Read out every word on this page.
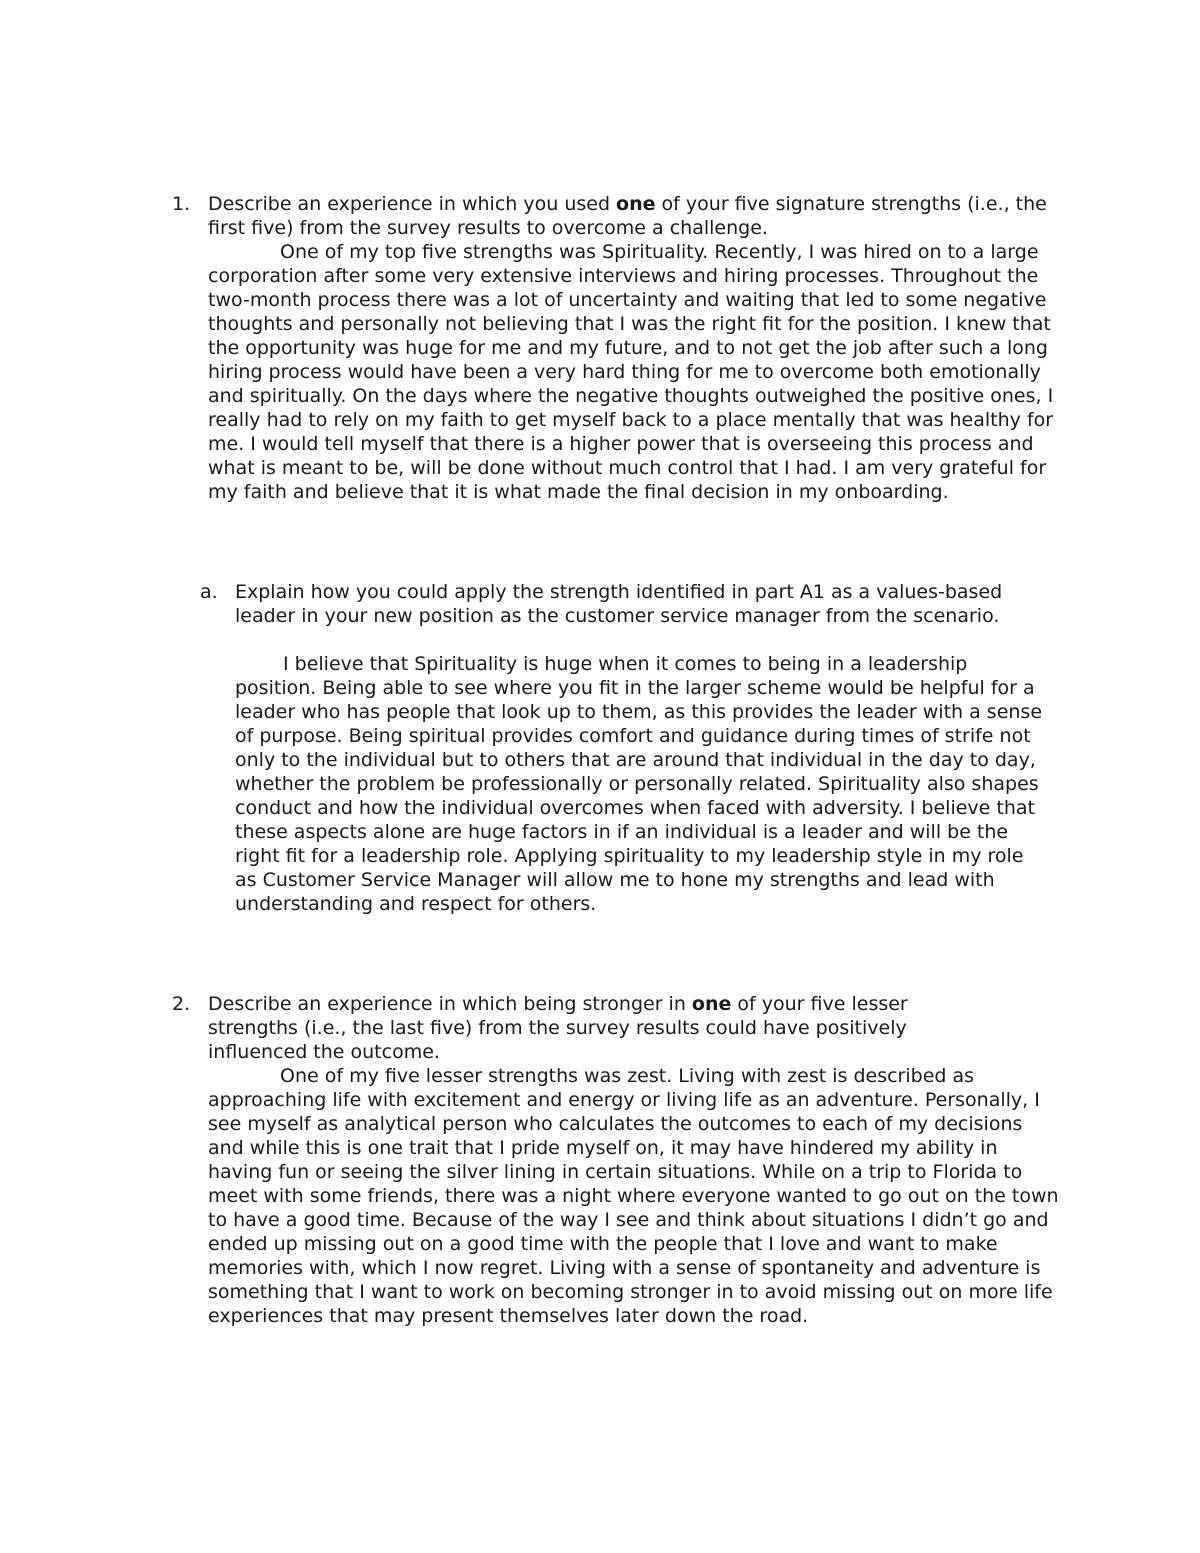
1. Describe an experience in which you used one of your five signature strengths (i.e., the first five) from the survey results to overcome a challenge.

One of my top five strengths was Spirituality. Recently, I was hired on to a large corporation after some very extensive interviews and hiring processes. Throughout the two-month process there was a lot of uncertainty and waiting that led to some negative thoughts and personally not believing that I was the right fit for the position. I knew that the opportunity was huge for me and my future, and to not get the job after such a long hiring process would have been a very hard thing for me to overcome both emotionally and spiritually. On the days where the negative thoughts outweighed the positive ones, I really had to rely on my faith to get myself back to a place mentally that was healthy for me. I would tell myself that there is a higher power that is overseeing this process and what is meant to be, will be done without much control that I had. I am very grateful for my faith and believe that it is what made the final decision in my onboarding.

a. Explain how you could apply the strength identified in part A1 as a values-based leader in your new position as the customer service manager from the scenario.

I believe that Spirituality is huge when it comes to being in a leadership position. Being able to see where you fit in the larger scheme would be helpful for a leader who has people that look up to them, as this provides the leader with a sense of purpose. Being spiritual provides comfort and guidance during times of strife not only to the individual but to others that are around that individual in the day to day, whether the problem be professionally or personally related. Spirituality also shapes conduct and how the individual overcomes when faced with adversity. I believe that these aspects alone are huge factors in if an individual is a leader and will be the right fit for a leadership role. Applying spirituality to my leadership style in my role as Customer Service Manager will allow me to hone my strengths and lead with understanding and respect for others.

2. Describe an experience in which being stronger in one of your five lesser strengths (i.e., the last five) from the survey results could have positively influenced the outcome.

One of my five lesser strengths was zest. Living with zest is described as approaching life with excitement and energy or living life as an adventure. Personally, I see myself as analytical person who calculates the outcomes to each of my decisions and while this is one trait that I pride myself on, it may have hindered my ability in having fun or seeing the silver lining in certain situations. While on a trip to Florida to meet with some friends, there was a night where everyone wanted to go out on the town to have a good time. Because of the way I see and think about situations I didn’t go and ended up missing out on a good time with the people that I love and want to make memories with, which I now regret. Living with a sense of spontaneity and adventure is something that I want to work on becoming stronger in to avoid missing out on more life experiences that may present themselves later down the road.
